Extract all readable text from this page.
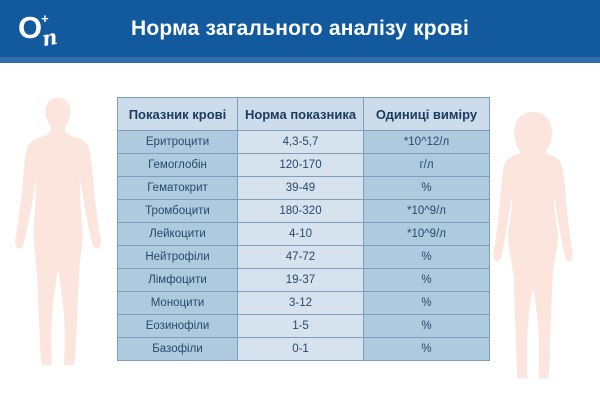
Норма загального аналізу крові
O +
n
Показник крові	Норма показника	Одиниці виміру
Еритроцити	4,3-5,7	*10^12/л
Гемоглобін	120-170	г/л
Гематокрит	39-49	%
Тромбоцити	180-320	*10^9/л
Лейкоцити	4-10	*10^9/л
Нейтрофіли	47-72	%
Лімфоцити	19-37	%
Моноцити	3-12	%
Еозинофіли	1-5	%
Базофіли	0-1	%
